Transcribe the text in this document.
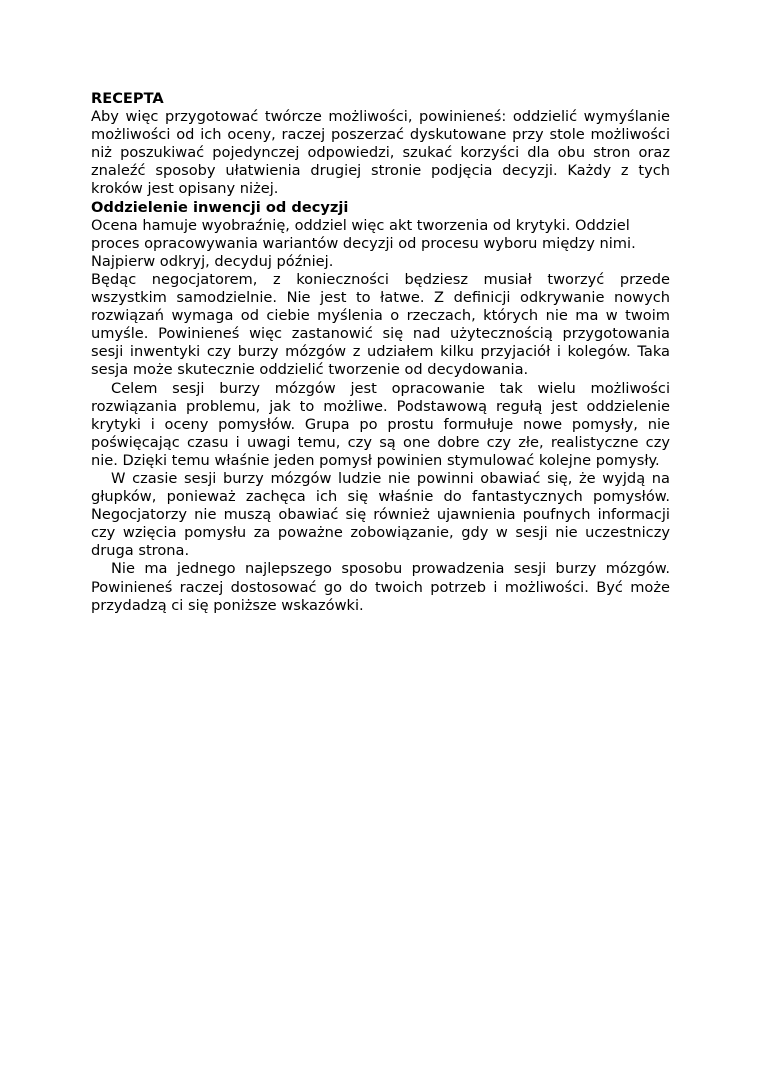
RECEPTA

Aby więc przygotować twórcze możliwości, powinieneś: oddzielić wymyślanie możliwości od ich oceny, raczej poszerzać dyskutowane przy stole możliwości niż poszukiwać pojedynczej odpowiedzi, szukać korzyści dla obu stron oraz znaleźć sposoby ułatwienia drugiej stronie podjęcia decyzji. Każdy z tych kroków jest opisany niżej.

Oddzielenie inwencji od decyzji

Ocena hamuje wyobraźnię, oddziel więc akt tworzenia od krytyki. Oddziel proces opracowywania wariantów decyzji od procesu wyboru między nimi. Najpierw odkryj, decyduj później.

Będąc negocjatorem, z konieczności będziesz musiał tworzyć przede wszystkim samodzielnie. Nie jest to łatwe. Z definicji odkrywanie nowych rozwiązań wymaga od ciebie myślenia o rzeczach, których nie ma w twoim umyśle. Powinieneś więc zastanowić się nad użytecznością przygotowania sesji inwentyki czy burzy mózgów z udziałem kilku przyjaciół i kolegów. Taka sesja może skutecznie oddzielić tworzenie od decydowania.

Celem sesji burzy mózgów jest opracowanie tak wielu możliwości rozwiązania problemu, jak to możliwe. Podstawową regułą jest oddzielenie krytyki i oceny pomysłów. Grupa po prostu formułuje nowe pomysły, nie poświęcając czasu i uwagi temu, czy są one dobre czy złe, realistyczne czy nie. Dzięki temu właśnie jeden pomysł powinien stymulować kolejne pomysły.

W czasie sesji burzy mózgów ludzie nie powinni obawiać się, że wyjdą na głupków, ponieważ zachęca ich się właśnie do fantastycznych pomysłów. Negocjatorzy nie muszą obawiać się również ujawnienia poufnych informacji czy wzięcia pomysłu za poważne zobowiązanie, gdy w sesji nie uczestniczy druga strona.

Nie ma jednego najlepszego sposobu prowadzenia sesji burzy mózgów. Powinieneś raczej dostosować go do twoich potrzeb i możliwości. Być może przydadzą ci się poniższe wskazówki.
